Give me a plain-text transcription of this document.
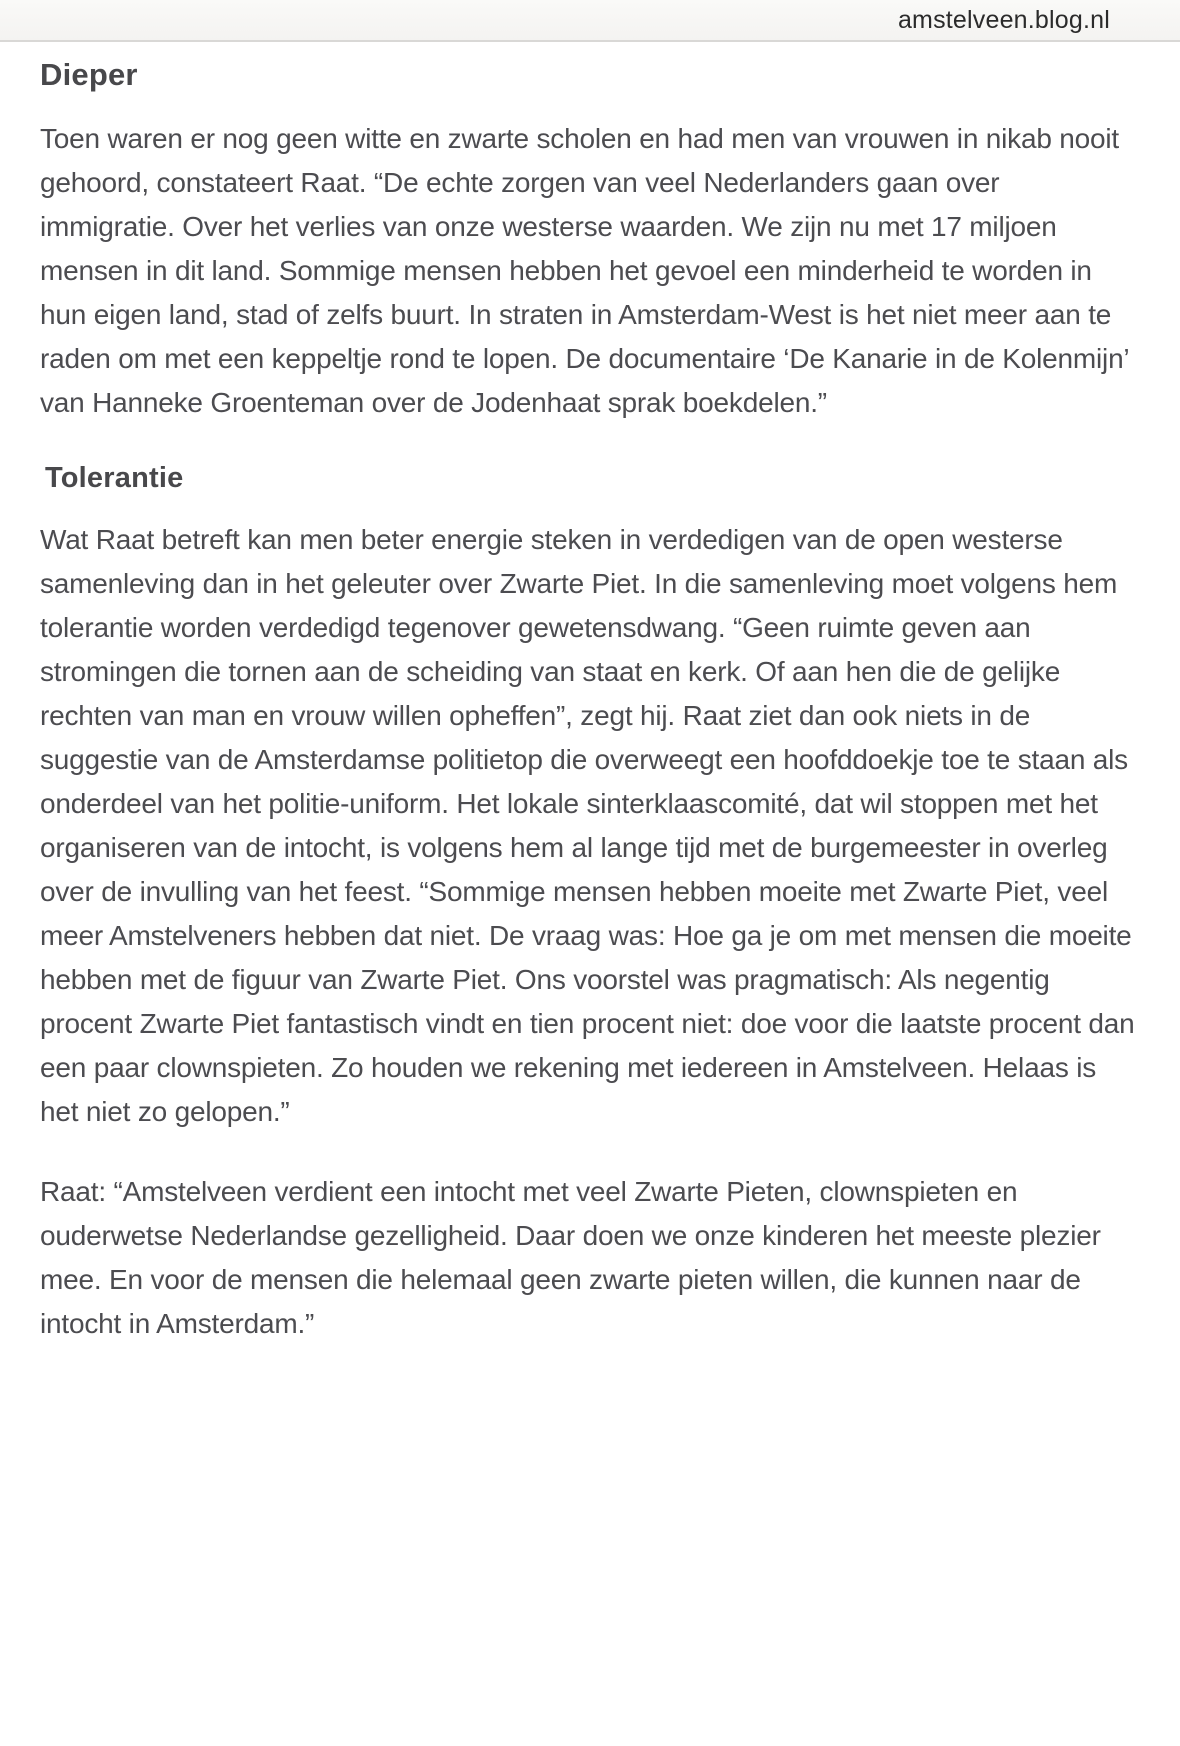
amstelveen.blog.nl
Dieper

Toen waren er nog geen witte en zwarte scholen en had men van vrouwen in nikab nooit gehoord, constateert Raat. “De echte zorgen van veel Nederlanders gaan over immigratie. Over het verlies van onze westerse waarden. We zijn nu met 17 miljoen mensen in dit land. Sommige mensen hebben het gevoel een minderheid te worden in hun eigen land, stad of zelfs buurt. In straten in Amsterdam-West is het niet meer aan te raden om met een keppeltje rond te lopen. De documentaire ‘De Kanarie in de Kolenmijn’ van Hanneke Groenteman over de Jodenhaat sprak boekdelen.”

Tolerantie

Wat Raat betreft kan men beter energie steken in verdedigen van de open westerse samenleving dan in het geleuter over Zwarte Piet. In die samenleving moet volgens hem tolerantie worden verdedigd tegenover gewetensdwang. “Geen ruimte geven aan stromingen die tornen aan de scheiding van staat en kerk. Of aan hen die de gelijke rechten van man en vrouw willen opheffen”, zegt hij. Raat ziet dan ook niets in de suggestie van de Amsterdamse politietop die overweegt een hoofddoekje toe te staan als onderdeel van het politie-uniform. Het lokale sinterklaascomité, dat wil stoppen met het organiseren van de intocht, is volgens hem al lange tijd met de burgemeester in overleg over de invulling van het feest. “Sommige mensen hebben moeite met Zwarte Piet, veel meer Amstelveners hebben dat niet. De vraag was: Hoe ga je om met mensen die moeite hebben met de figuur van Zwarte Piet. Ons voorstel was pragmatisch: Als negentig procent Zwarte Piet fantastisch vindt en tien procent niet: doe voor die laatste procent dan een paar clownspieten. Zo houden we rekening met iedereen in Amstelveen. Helaas is het niet zo gelopen.”

Raat: “Amstelveen verdient een intocht met veel Zwarte Pieten, clownspieten en ouderwetse Nederlandse gezelligheid. Daar doen we onze kinderen het meeste plezier mee. En voor de mensen die helemaal geen zwarte pieten willen, die kunnen naar de intocht in Amsterdam.”
